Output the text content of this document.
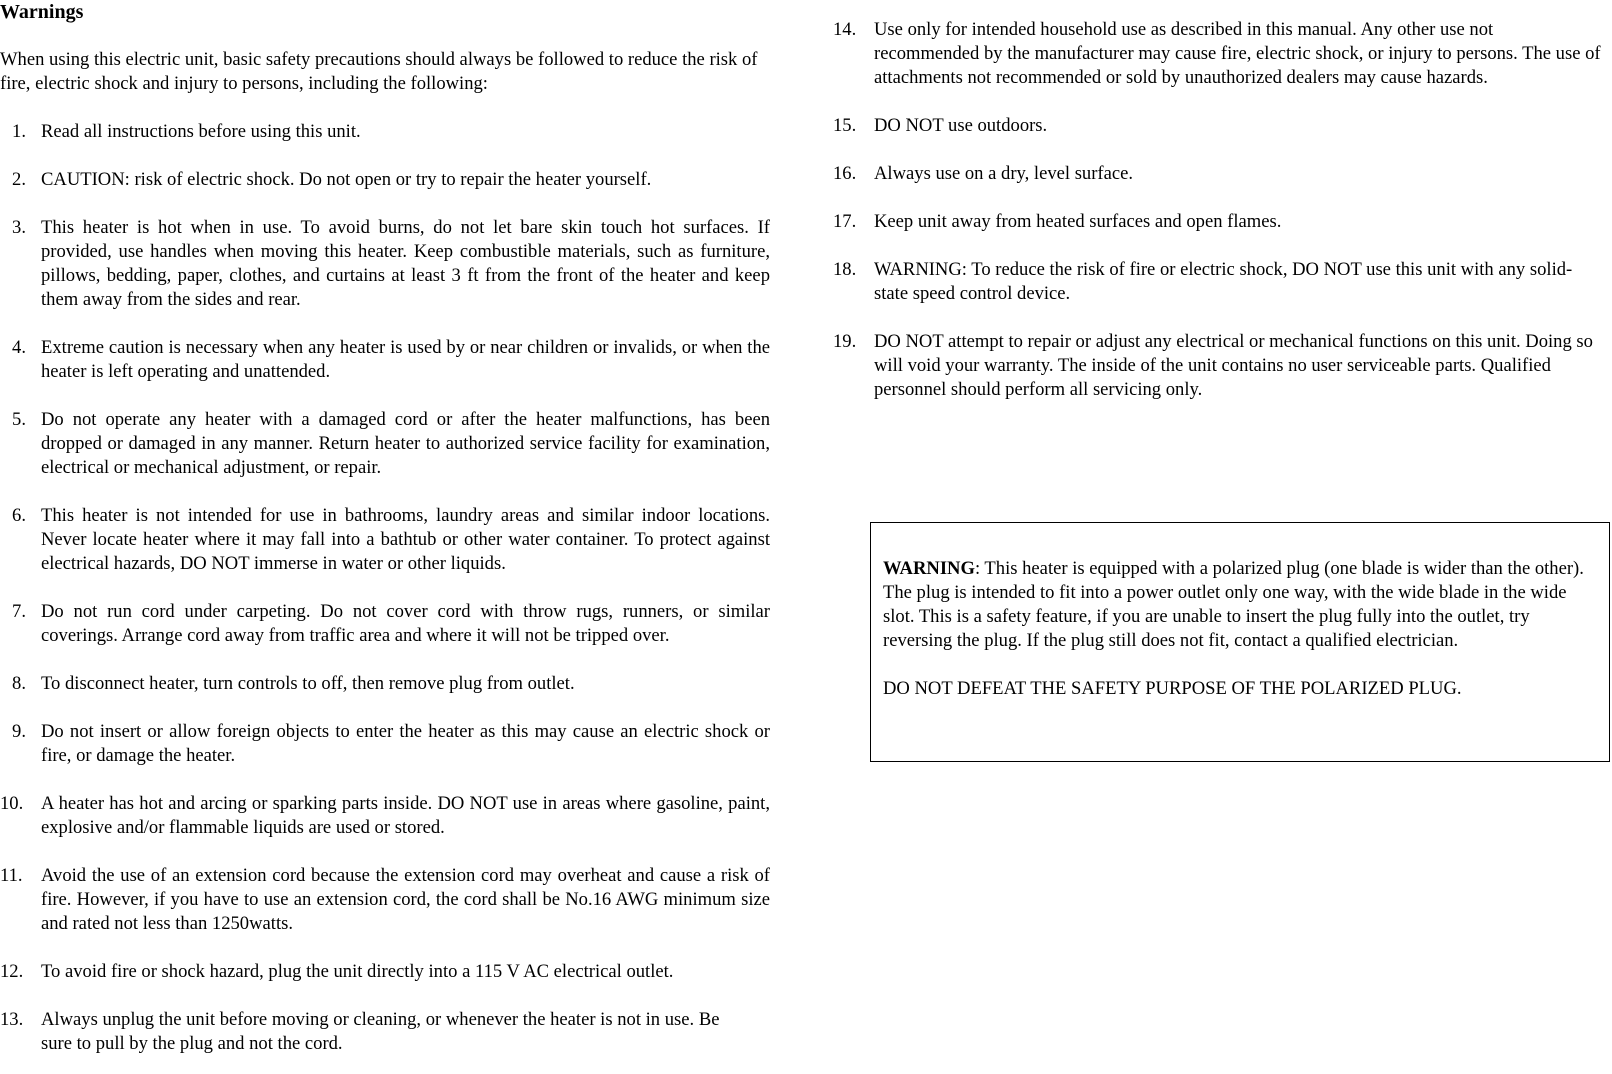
Warnings

When using this electric unit, basic safety precautions should always be followed to reduce the risk of fire, electric shock and injury to persons, including the following:

1. Read all instructions before using this unit.
2. CAUTION: risk of electric shock. Do not open or try to repair the heater yourself.
3. This heater is hot when in use. To avoid burns, do not let bare skin touch hot surfaces. If provided, use handles when moving this heater. Keep combustible materials, such as furniture, pillows, bedding, paper, clothes, and curtains at least 3 ft from the front of the heater and keep them away from the sides and rear.
4. Extreme caution is necessary when any heater is used by or near children or invalids, or when the heater is left operating and unattended.
5. Do not operate any heater with a damaged cord or after the heater malfunctions, has been dropped or damaged in any manner. Return heater to authorized service facility for examination, electrical or mechanical adjustment, or repair.
6. This heater is not intended for use in bathrooms, laundry areas and similar indoor locations. Never locate heater where it may fall into a bathtub or other water container. To protect against electrical hazards, DO NOT immerse in water or other liquids.
7. Do not run cord under carpeting. Do not cover cord with throw rugs, runners, or similar coverings. Arrange cord away from traffic area and where it will not be tripped over.
8. To disconnect heater, turn controls to off, then remove plug from outlet.
9. Do not insert or allow foreign objects to enter the heater as this may cause an electric shock or fire, or damage the heater.
10. A heater has hot and arcing or sparking parts inside. DO NOT use in areas where gasoline, paint, explosive and/or flammable liquids are used or stored.
11. Avoid the use of an extension cord because the extension cord may overheat and cause a risk of fire. However, if you have to use an extension cord, the cord shall be No.16 AWG minimum size and rated not less than 1250watts.
12. To avoid fire or shock hazard, plug the unit directly into a 115 V AC electrical outlet.
13. Always unplug the unit before moving or cleaning, or whenever the heater is not in use. Be sure to pull by the plug and not the cord.
14. Use only for intended household use as described in this manual. Any other use not recommended by the manufacturer may cause fire, electric shock, or injury to persons. The use of attachments not recommended or sold by unauthorized dealers may cause hazards.
15. DO NOT use outdoors.
16. Always use on a dry, level surface.
17. Keep unit away from heated surfaces and open flames.
18. WARNING: To reduce the risk of fire or electric shock, DO NOT use this unit with any solid-state speed control device.
19. DO NOT attempt to repair or adjust any electrical or mechanical functions on this unit. Doing so will void your warranty. The inside of the unit contains no user serviceable parts. Qualified personnel should perform all servicing only.

WARNING: This heater is equipped with a polarized plug (one blade is wider than the other). The plug is intended to fit into a power outlet only one way, with the wide blade in the wide slot. This is a safety feature, if you are unable to insert the plug fully into the outlet, try reversing the plug. If the plug still does not fit, contact a qualified electrician.

DO NOT DEFEAT THE SAFETY PURPOSE OF THE POLARIZED PLUG.
